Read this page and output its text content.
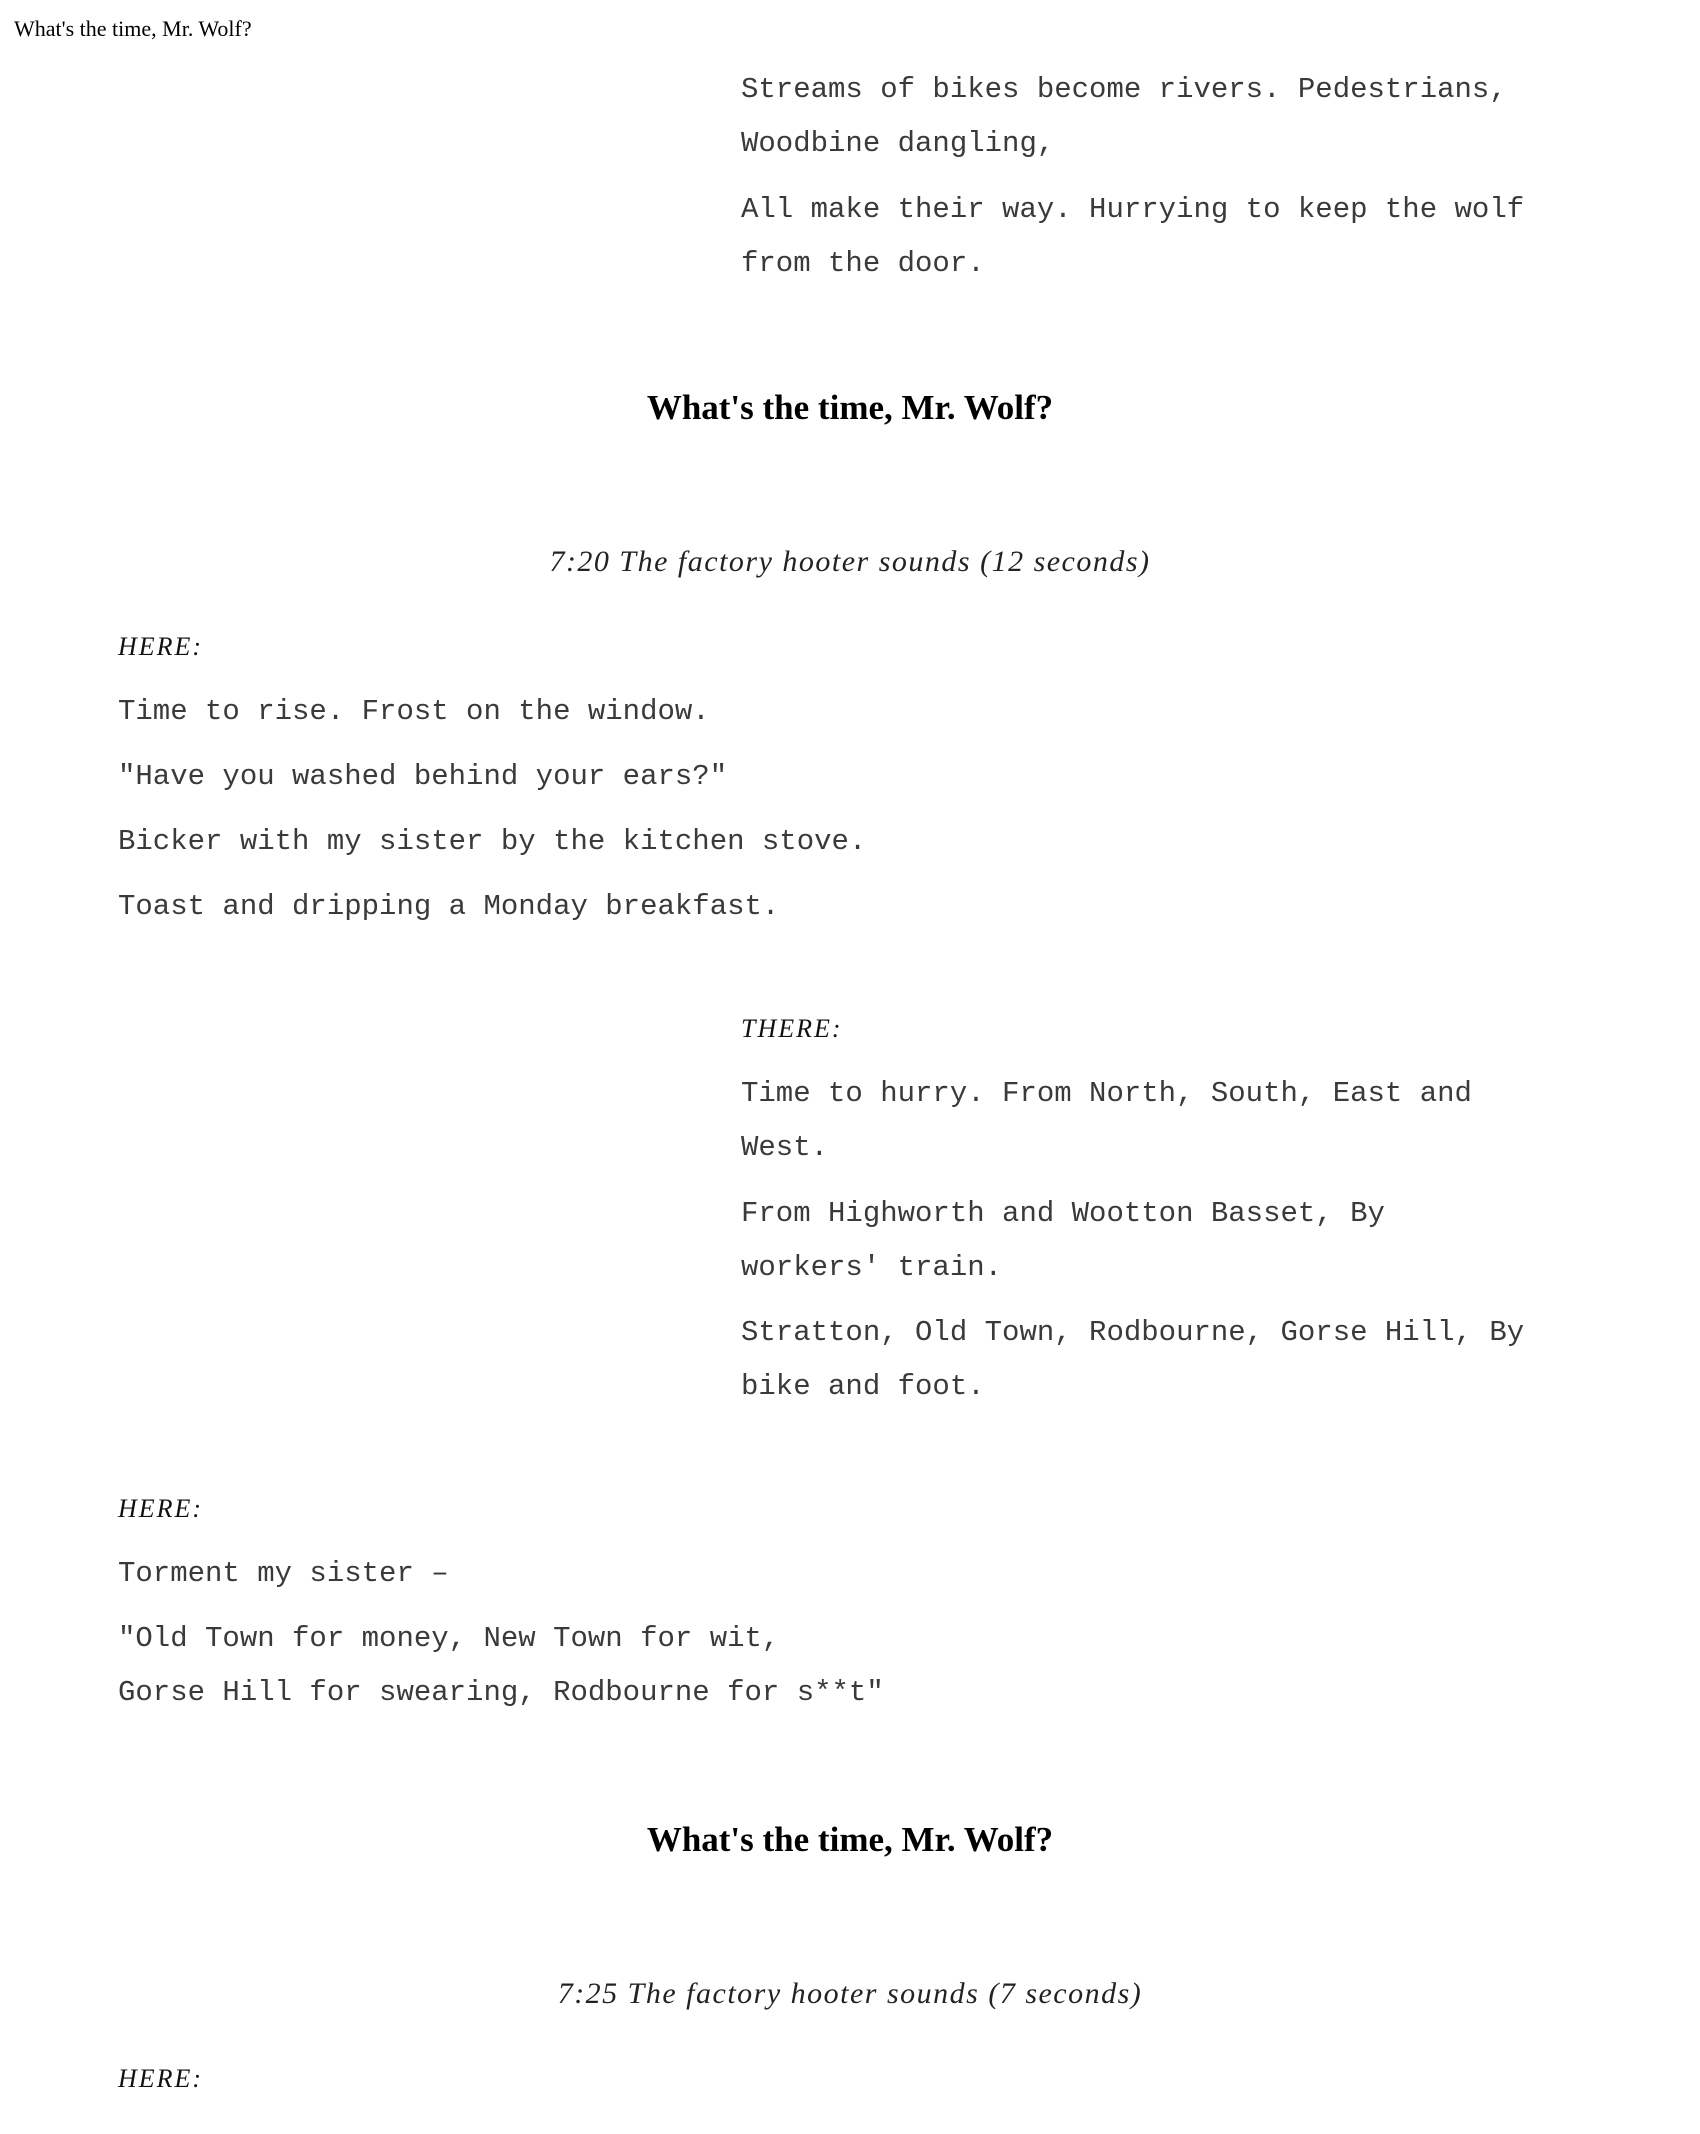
What's the time, Mr. Wolf?
Streams of bikes become rivers. Pedestrians,
Woodbine dangling,
All make their way. Hurrying to keep the wolf
from the door.
What's the time, Mr. Wolf?
7:20 The factory hooter sounds (12 seconds)
HERE:
Time to rise. Frost on the window.
"Have you washed behind your ears?"
Bicker with my sister by the kitchen stove.
Toast and dripping a Monday breakfast.
THERE:
Time to hurry. From North, South, East and
West.
From Highworth and Wootton Basset, By
workers' train.
Stratton, Old Town, Rodbourne, Gorse Hill, By
bike and foot.
HERE:
Torment my sister –
"Old Town for money, New Town for wit,
Gorse Hill for swearing, Rodbourne for s**t"
What's the time, Mr. Wolf?
7:25 The factory hooter sounds (7 seconds)
HERE:
